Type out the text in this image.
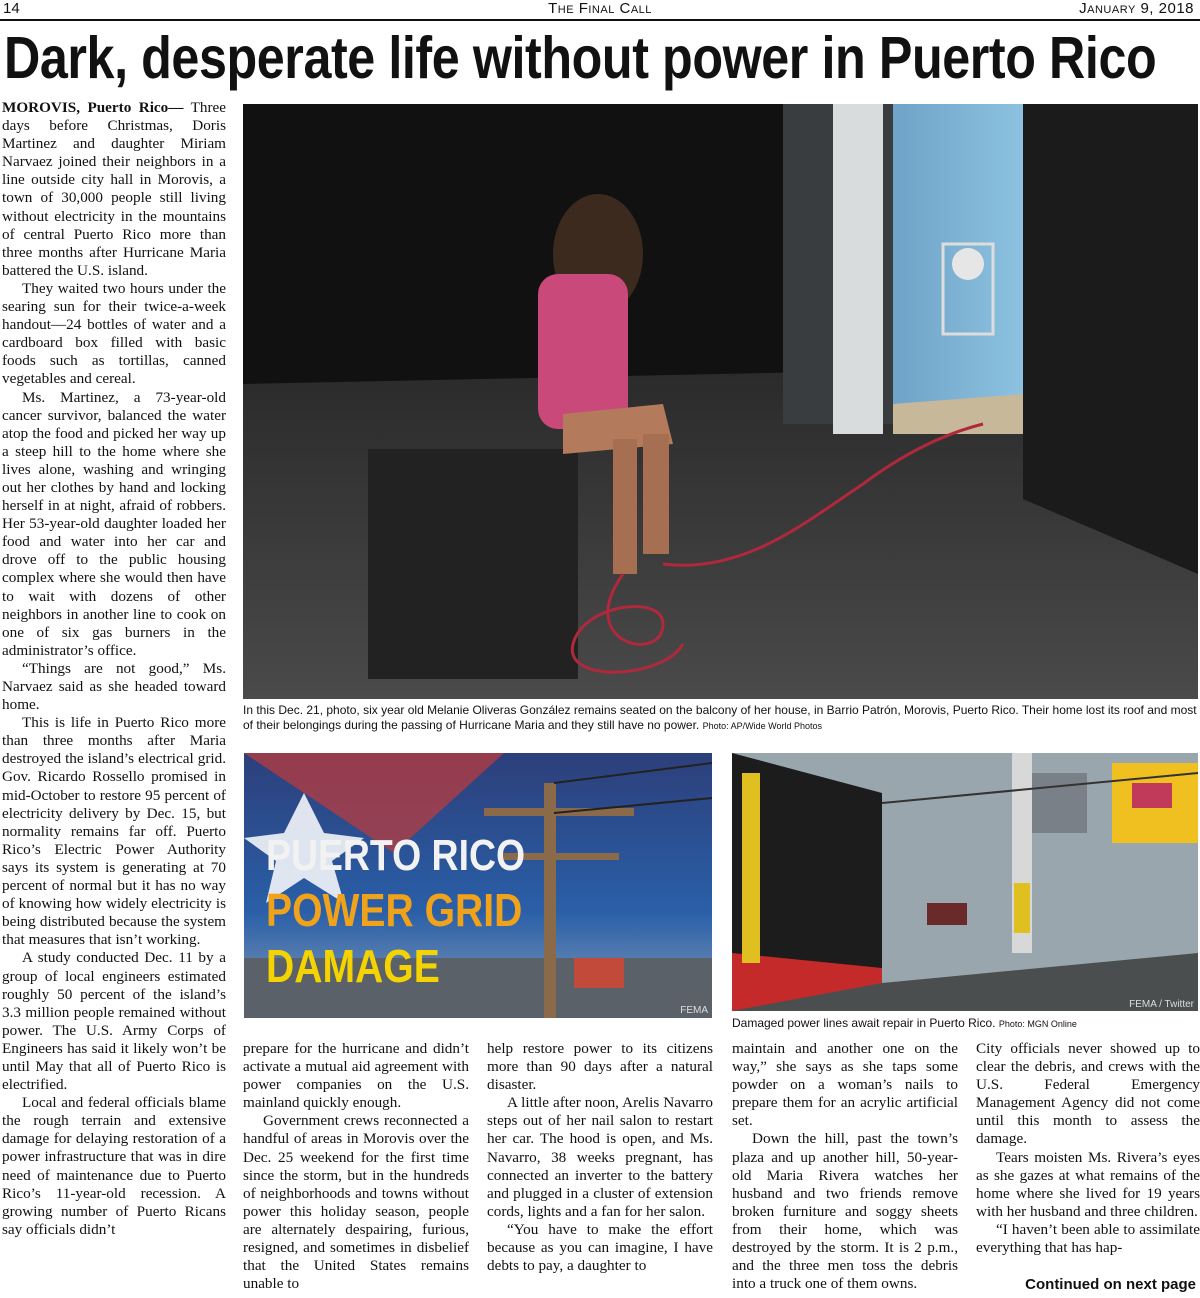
14	The Final Call	January 9, 2018
Dark, desperate life without power in Puerto Rico

MOROVIS, Puerto Rico— Three days before Christmas, Doris Martinez and daughter Miriam Narvaez joined their neighbors in a line outside city hall in Morovis, a town of 30,000 people still living without electricity in the mountains of central Puerto Rico more than three months after Hurricane Maria battered the U.S. island.

They waited two hours under the searing sun for their twice-a-week handout—24 bottles of water and a cardboard box filled with basic foods such as tortillas, canned vegetables and cereal.

Ms. Martinez, a 73-year-old cancer survivor, balanced the water atop the food and picked her way up a steep hill to the home where she lives alone, washing and wringing out her clothes by hand and locking herself in at night, afraid of robbers. Her 53-year-old daughter loaded her food and water into her car and drove off to the public housing complex where she would then have to wait with dozens of other neighbors in another line to cook on one of six gas burners in the administrator’s office.

“Things are not good,” Ms. Narvaez said as she headed toward home.

This is life in Puerto Rico more than three months after Maria destroyed the island’s electrical grid. Gov. Ricardo Rossello promised in mid-October to restore 95 percent of electricity delivery by Dec. 15, but normality remains far off. Puerto Rico’s Electric Power Authority says its system is generating at 70 percent of normal but it has no way of knowing how widely electricity is being distributed because the system that measures that isn’t working.

A study conducted Dec. 11 by a group of local engineers estimated roughly 50 percent of the island’s 3.3 million people remained without power. The U.S. Army Corps of Engineers has said it likely won’t be until May that all of Puerto Rico is electrified.

Local and federal officials blame the rough terrain and extensive damage for delaying restoration of a power infrastructure that was in dire need of maintenance due to Puerto Rico’s 11-year-old recession. A growing number of Puerto Ricans say officials didn’t

In this Dec. 21, photo, six year old Melanie Oliveras González remains seated on the balcony of her house, in Barrio Patrón, Morovis, Puerto Rico. Their home lost its roof and most of their belongings during the passing of Hurricane Maria and they still have no power. Photo: AP/Wide World Photos
PUERTO RICO
POWER GRID
DAMAGE
FEMA
FEMA / Twitter
Damaged power lines await repair in Puerto Rico. Photo: MGN Online

prepare for the hurricane and didn’t activate a mutual aid agreement with power companies on the U.S. mainland quickly enough.

Government crews reconnected a handful of areas in Morovis over the Dec. 25 weekend for the first time since the storm, but in the hundreds of neighborhoods and towns without power this holiday season, people are alternately despairing, furious, resigned, and sometimes in disbelief that the United States remains unable to

help restore power to its citizens more than 90 days after a natural disaster.

A little after noon, Arelis Navarro steps out of her nail salon to restart her car. The hood is open, and Ms. Navarro, 38 weeks pregnant, has connected an inverter to the battery and plugged in a cluster of extension cords, lights and a fan for her salon.

“You have to make the effort because as you can imagine, I have debts to pay, a daughter to

maintain and another one on the way,” she says as she taps some powder on a woman’s nails to prepare them for an acrylic artificial set.

Down the hill, past the town’s plaza and up another hill, 50-year-old Maria Rivera watches her husband and two friends remove broken furniture and soggy sheets from their home, which was destroyed by the storm. It is 2 p.m., and the three men toss the debris into a truck one of them owns.

City officials never showed up to clear the debris, and crews with the U.S. Federal Emergency Management Agency did not come until this month to assess the damage.

Tears moisten Ms. Rivera’s eyes as she gazes at what remains of the home where she lived for 19 years with her husband and three children.

“I haven’t been able to assimilate everything that has hap-

Continued on next page
